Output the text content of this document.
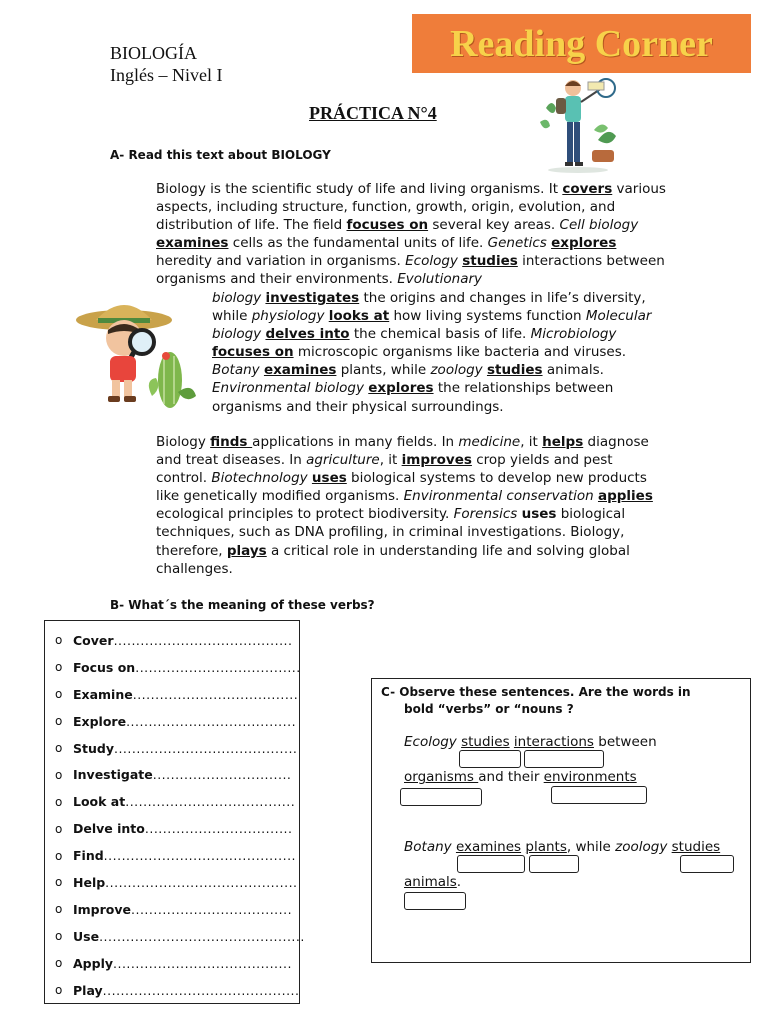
BIOLOGÍA
Inglés – Nivel I
Reading Corner
PRÁCTICA N°4
A- Read this text about BIOLOGY
Biology is the scientific study of life and living organisms. It covers various aspects, including structure, function, growth, origin, evolution, and distribution of life. The field focuses on several key areas. Cell biology examines cells as the fundamental units of life. Genetics explores heredity and variation in organisms. Ecology studies interactions between organisms and their environments. Evolutionary
biology investigates the origins and changes in life’s diversity, while physiology looks at how living systems function Molecular biology delves into the chemical basis of life. Microbiology focuses on microscopic organisms like bacteria and viruses. Botany examines plants, while zoology studies animals. Environmental biology explores the relationships between organisms and their physical surroundings.
Biology finds applications in many fields. In medicine, it helps diagnose and treat diseases. In agriculture, it improves crop yields and pest control. Biotechnology uses biological systems to develop new products like genetically modified organisms. Environmental conservation applies ecological principles to protect biodiversity. Forensics uses biological techniques, such as DNA profiling, in criminal investigations. Biology, therefore, plays a critical role in understanding life and solving global challenges.
B- What´s the meaning of these verbs?
o Cover ........................................
o Focus on .....................................
o Examine .....................................
o Explore ......................................
o Study .........................................
o Investigate ...............................
o Look at ......................................
o Delve into .................................
o Find ...........................................
o Help ...........................................
o Improve ....................................
o Use ..............................................
o Apply ........................................
o Play ............................................
C- Observe these sentences. Are the words in
bold “verbs” or “nouns ?
Ecology studies interactions between
organisms and their environments
Botany examines plants, while zoology studies
animals.
